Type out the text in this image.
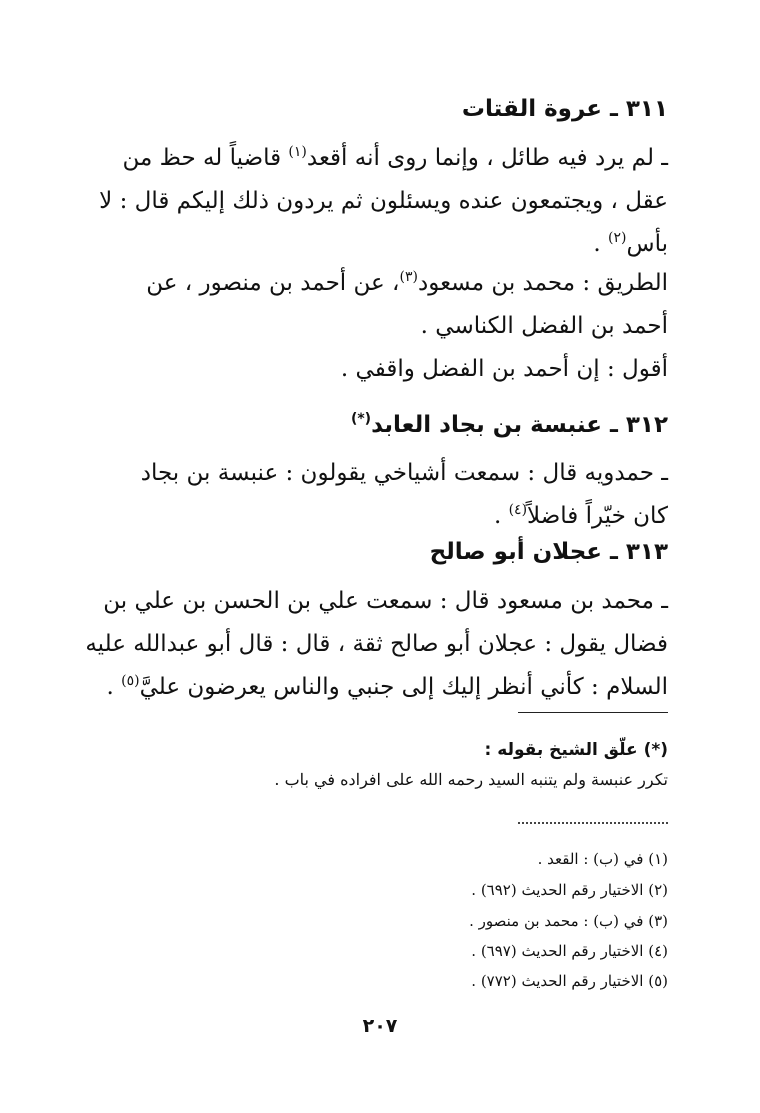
٣١١ ـ عروة القتات
ـ لم يرد فيه طائل ، وإنما روى أنه أقعد$^{(١)}$ قاضياً له حظ من
عقل ، ويجتمعون عنده ويسئلون ثم يردون ذلك إليكم قال : لا
بأس$^{(٢)}$ .
الطريق : محمد بن مسعود$^{(٣)}$، عن أحمد بن منصور ، عن
أحمد بن الفضل الكناسي .
أقول : إن أحمد بن الفضل واقفي .
٣١٢ ـ عنبسة بن بجاد العابد(*)
ـ حمدويه قال : سمعت أشياخي يقولون : عنبسة بن بجاد
كان خيّراً فاضلاً$^{(٤)}$ .
٣١٣ ـ عجلان أبو صالح
ـ محمد بن مسعود قال : سمعت علي بن الحسن بن علي بن
فضال يقول : عجلان أبو صالح ثقة ، قال : قال أبو عبدالله عليه
السلام : كأني أنظر إليك إلى جنبي والناس يعرضون عليَّ$^{(٥)}$ .
(*) علّق الشيخ بقوله :
تكرر عنبسة ولم يتنبه السيد رحمه الله على افراده في باب .
(١) في (ب) : القعد .
(٢) الاختيار رقم الحديث (٦٩٢) .
(٣) في (ب) : محمد بن منصور .
(٤) الاختيار رقم الحديث (٦٩٧) .
(٥) الاختيار رقم الحديث (٧٧٢) .
٢٠٧
